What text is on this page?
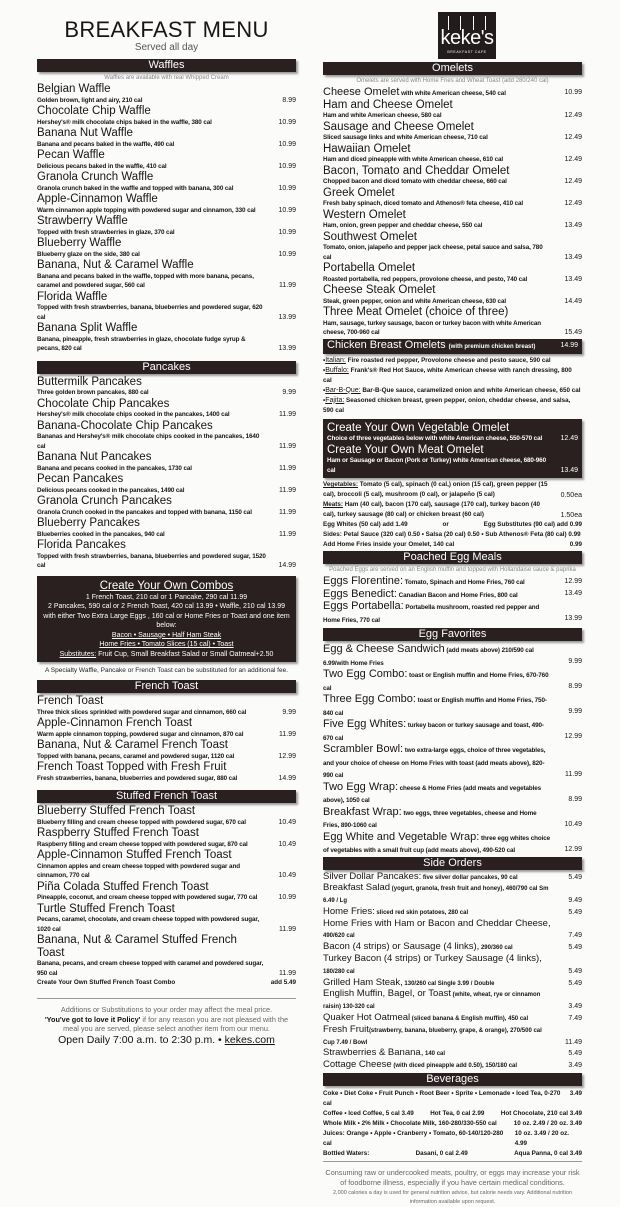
BREAKFAST MENU
Served all day
Waffles
Waffles are available with real Whipped Cream
Belgian Waffle
Golden brown, light and airy, 210 cal	8.99
Chocolate Chip Waffle
Hershey's® milk chocolate chips baked in the waffle, 380 cal	10.99
Banana Nut Waffle
Banana and pecans baked in the waffle, 490 cal	10.99
Pecan Waffle
Delicious pecans baked in the waffle, 410 cal	10.99
Granola Crunch Waffle
Granola crunch baked in the waffle and topped with banana, 300 cal	10.99
Apple-Cinnamon Waffle
Warm cinnamon apple topping with powdered sugar and cinnamon, 330 cal	10.99
Strawberry Waffle
Topped with fresh strawberries in glaze, 370 cal	10.99
Blueberry Waffle
Blueberry glaze on the side, 380 cal	10.99
Banana, Nut & Caramel Waffle
Banana and pecans baked in the waffle, topped with more banana, pecans, caramel and powdered sugar, 560 cal	11.99
Florida Waffle
Topped with fresh strawberries, banana, blueberries and powdered sugar, 620 cal	13.99
Banana Split Waffle
Banana, pineapple, fresh strawberries in glaze, chocolate fudge syrup & pecans, 820 cal	13.99
Pancakes
Buttermilk Pancakes
Three golden brown pancakes, 880 cal	9.99
Chocolate Chip Pancakes
Hershey's® milk chocolate chips cooked in the pancakes, 1400 cal	11.99
Banana-Chocolate Chip Pancakes
Bananas and Hershey's® milk chocolate chips cooked in the pancakes, 1640 cal	11.99
Banana Nut Pancakes
Banana and pecans cooked in the pancakes, 1730 cal	11.99
Pecan Pancakes
Delicious pecans cooked in the pancakes, 1490 cal	11.99
Granola Crunch Pancakes
Granola Crunch cooked in the pancakes and topped with banana, 1150 cal	11.99
Blueberry Pancakes
Blueberries cooked in the pancakes, 940 cal	11.99
Florida Pancakes
Topped with fresh strawberries, banana, blueberries and powdered sugar, 1520 cal	14.99
Create Your Own Combos
1 French Toast, 210 cal or 1 Pancake, 290 cal 11.99
2 Pancakes, 590 cal or 2 French Toast, 420 cal 13.99 • Waffle, 210 cal 13.99
with either Two Extra Large Eggs , 160 cal or Home Fries or Toast and one item below:
Bacon • Sausage • Half Ham Steak
Home Fries • Tomato Slices (15 cal) • Toast
Substitutes: Fruit Cup, Small Breakfast Salad or Small Oatmeal+2.50
A Specialty Waffle, Pancake or French Toast can be substituted for an additional fee.
French Toast
French Toast
Three thick slices sprinkled with powdered sugar and cinnamon, 660 cal	9.99
Apple-Cinnamon French Toast
Warm apple cinnamon topping, powdered sugar and cinnamon, 870 cal	11.99
Banana, Nut & Caramel French Toast
Topped with banana, pecans, caramel and powdered sugar, 1120 cal	12.99
French Toast Topped with Fresh Fruit
Fresh strawberries, banana, blueberries and powdered sugar, 880 cal	14.99
Stuffed French Toast
Blueberry Stuffed French Toast
Blueberry filling and cream cheese topped with powdered sugar, 670 cal	10.49
Raspberry Stuffed French Toast
Raspberry filling and cream cheese topped with powdered sugar, 870 cal	10.49
Apple-Cinnamon Stuffed French Toast
Cinnamon apples and cream cheese topped with powdered sugar and cinnamon, 770 cal	10.49
Piña Colada Stuffed French Toast
Pineapple, coconut, and cream cheese topped with powdered sugar, 770 cal	10.99
Turtle Stuffed French Toast
Pecans, caramel, chocolate, and cream cheese topped with powdered sugar, 1020 cal	11.99
Banana, Nut & Caramel Stuffed French Toast
Banana, pecans, and cream cheese topped with caramel and powdered sugar, 950 cal	11.99
Create Your Own Stuffed French Toast Combo	add 5.49
Additions or Substitutions to your order may affect the meal price.
'You've got to love it Policy' if for any reason you are not pleased with the meal you are served, please select another item from our menu.
Open Daily 7:00 a.m. to 2:30 p.m. • kekes.com
keke's
BREAKFAST CAFE
Omelets
Omelets are served with Home Fries and Wheat Toast (add 280/240 cal)
Cheese Omelet with white American cheese, 540 cal	10.99
Ham and Cheese Omelet
Ham and white American cheese, 580 cal	12.49
Sausage and Cheese Omelet
Sliced sausage links and white American cheese, 710 cal	12.49
Hawaiian Omelet
Ham and diced pineapple with white American cheese, 610 cal	12.49
Bacon, Tomato and Cheddar Omelet
Chopped bacon and diced tomato with cheddar cheese, 660 cal	12.49
Greek Omelet
Fresh baby spinach, diced tomato and Athenos® feta cheese, 410 cal	12.49
Western Omelet
Ham, onion, green pepper and cheddar cheese, 550 cal	13.49
Southwest Omelet
Tomato, onion, jalapeño and pepper jack cheese, petal sauce and salsa, 780 cal	13.49
Portabella Omelet
Roasted portabella, red peppers, provolone cheese, and pesto, 740 cal	13.49
Cheese Steak Omelet
Steak, green pepper, onion and white American cheese, 630 cal	14.49
Three Meat Omelet (choice of three)
Ham, sausage, turkey sausage, bacon or turkey bacon with white American cheese, 700-960 cal	15.49
Chicken Breast Omelets (with premium chicken breast)	14.99
•Italian: Fire roasted red pepper, Provolone cheese and pesto sauce, 590 cal
•Buffalo: Frank's® Red Hot Sauce, white American cheese with ranch dressing, 800 cal
•Bar-B-Que: Bar-B-Que sauce, caramelized onion and white American cheese, 650 cal
•Fajita: Seasoned chicken breast, green pepper, onion, cheddar cheese, and salsa, 590 cal
Create Your Own Vegetable Omelet
Choice of three vegetables below with white American cheese, 550-570 cal	12.49
Create Your Own Meat Omelet
Ham or Sausage or Bacon (Pork or Turkey) white American cheese, 680-960 cal	13.49
Vegetables: Tomato (5 cal), spinach (0 cal,) onion (15 cal), green pepper (15 cal), broccoli (5 cal), mushroom (0 cal), or jalapeño (5 cal)	0.50ea
Meats: Ham (40 cal), bacon (170 cal), sausage (170 cal), turkey bacon (40 cal), turkey sausage (80 cal) or chicken breast (60 cal)	1.50ea
Egg Whites (50 cal) add 1.49	or	Egg Substitutes (90 cal) add 0.99
Sides: Petal Sauce (320 cal) 0.50 • Salsa (20 cal) 0.50 • Sub Athenos® Feta (80 cal) 0.99
Add Home Fries inside your Omelet, 140 cal	0.99
Poached Egg Meals
Poached Eggs are served on an English muffin and topped with Hollandaise sauce & paprika
Eggs Florentine: Tomato, Spinach and Home Fries, 760 cal	12.99
Eggs Benedict: Canadian Bacon and Home Fries, 800 cal	13.49
Eggs Portabella: Portabella mushroom, roasted red pepper and Home Fries, 770 cal	13.99
Egg Favorites
Egg & Cheese Sandwich (add meats above) 210/590 cal 6.99/with Home Fries	9.99
Two Egg Combo: toast or English muffin and Home Fries, 670-760 cal	8.99
Three Egg Combo: toast or English muffin and Home Fries, 750-840 cal	9.99
Five Egg Whites: turkey bacon or turkey sausage and toast, 490-670 cal	12.99
Scrambler Bowl: two extra-large eggs, choice of three vegetables, and your choice of cheese on Home Fries with toast (add meats above), 820-990 cal	11.99
Two Egg Wrap: cheese & Home Fries (add meats and vegetables above), 1050 cal	8.99
Breakfast Wrap: two eggs, three vegetables, cheese and Home Fries, 890-1060 cal	10.49
Egg White and Vegetable Wrap: three egg whites choice of vegetables with a small fruit cup (add meats above), 490-520 cal	12.99
Side Orders
Silver Dollar Pancakes: five silver dollar pancakes, 90 cal	5.49
Breakfast Salad (yogurt, granola, fresh fruit and honey), 460/790 cal Sm 6.49 / Lg	9.49
Home Fries: sliced red skin potatoes, 280 cal	5.49
Home Fries with Ham or Bacon and Cheddar Cheese, 490/620 cal	7.49
Bacon (4 strips) or Sausage (4 links), 290/360 cal	5.49
Turkey Bacon (4 strips) or Turkey Sausage (4 links), 180/280 cal	5.49
Grilled Ham Steak, 130/260 cal Single 3.99 / Double	5.49
English Muffin, Bagel, or Toast (white, wheat, rye or cinnamon raisin) 130-320 cal	3.49
Quaker Hot Oatmeal (sliced banana & English muffin), 450 cal	7.49
Fresh Fruit(strawberry, banana, blueberry, grape, & orange), 270/500 cal Cup 7.49 / Bowl	11.49
Strawberries & Banana, 140 cal	5.49
Cottage Cheese (with diced pineapple add 0.50), 150/180 cal	3.49
Beverages
Coke • Diet Coke • Fruit Punch • Root Beer • Sprite • Lemonade • Iced Tea, 0-270 cal
3.49
Coffee • Iced Coffee, 5 cal 3.49	Hot Tea, 0 cal 2.99	Hot Chocolate, 210 cal 3.49
Whole Milk • 2% Milk • Chocolate Milk, 160-280/330-550 cal	10 oz. 2.49 / 20 oz. 3.49
Juices: Orange • Apple • Cranberry • Tomato, 60-140/120-280 cal
10 oz. 3.49 / 20 oz. 4.99
Bottled Waters:	Dasani, 0 cal 2.49	Aqua Panna, 0 cal 3.49
Consuming raw or undercooked meats, poultry, or eggs may increase your risk of foodborne illness, especially if you have certain medical conditions.
2,000 calories a day is used for general nutrition advice, but calorie needs vary. Additional nutrition information available upon request.
